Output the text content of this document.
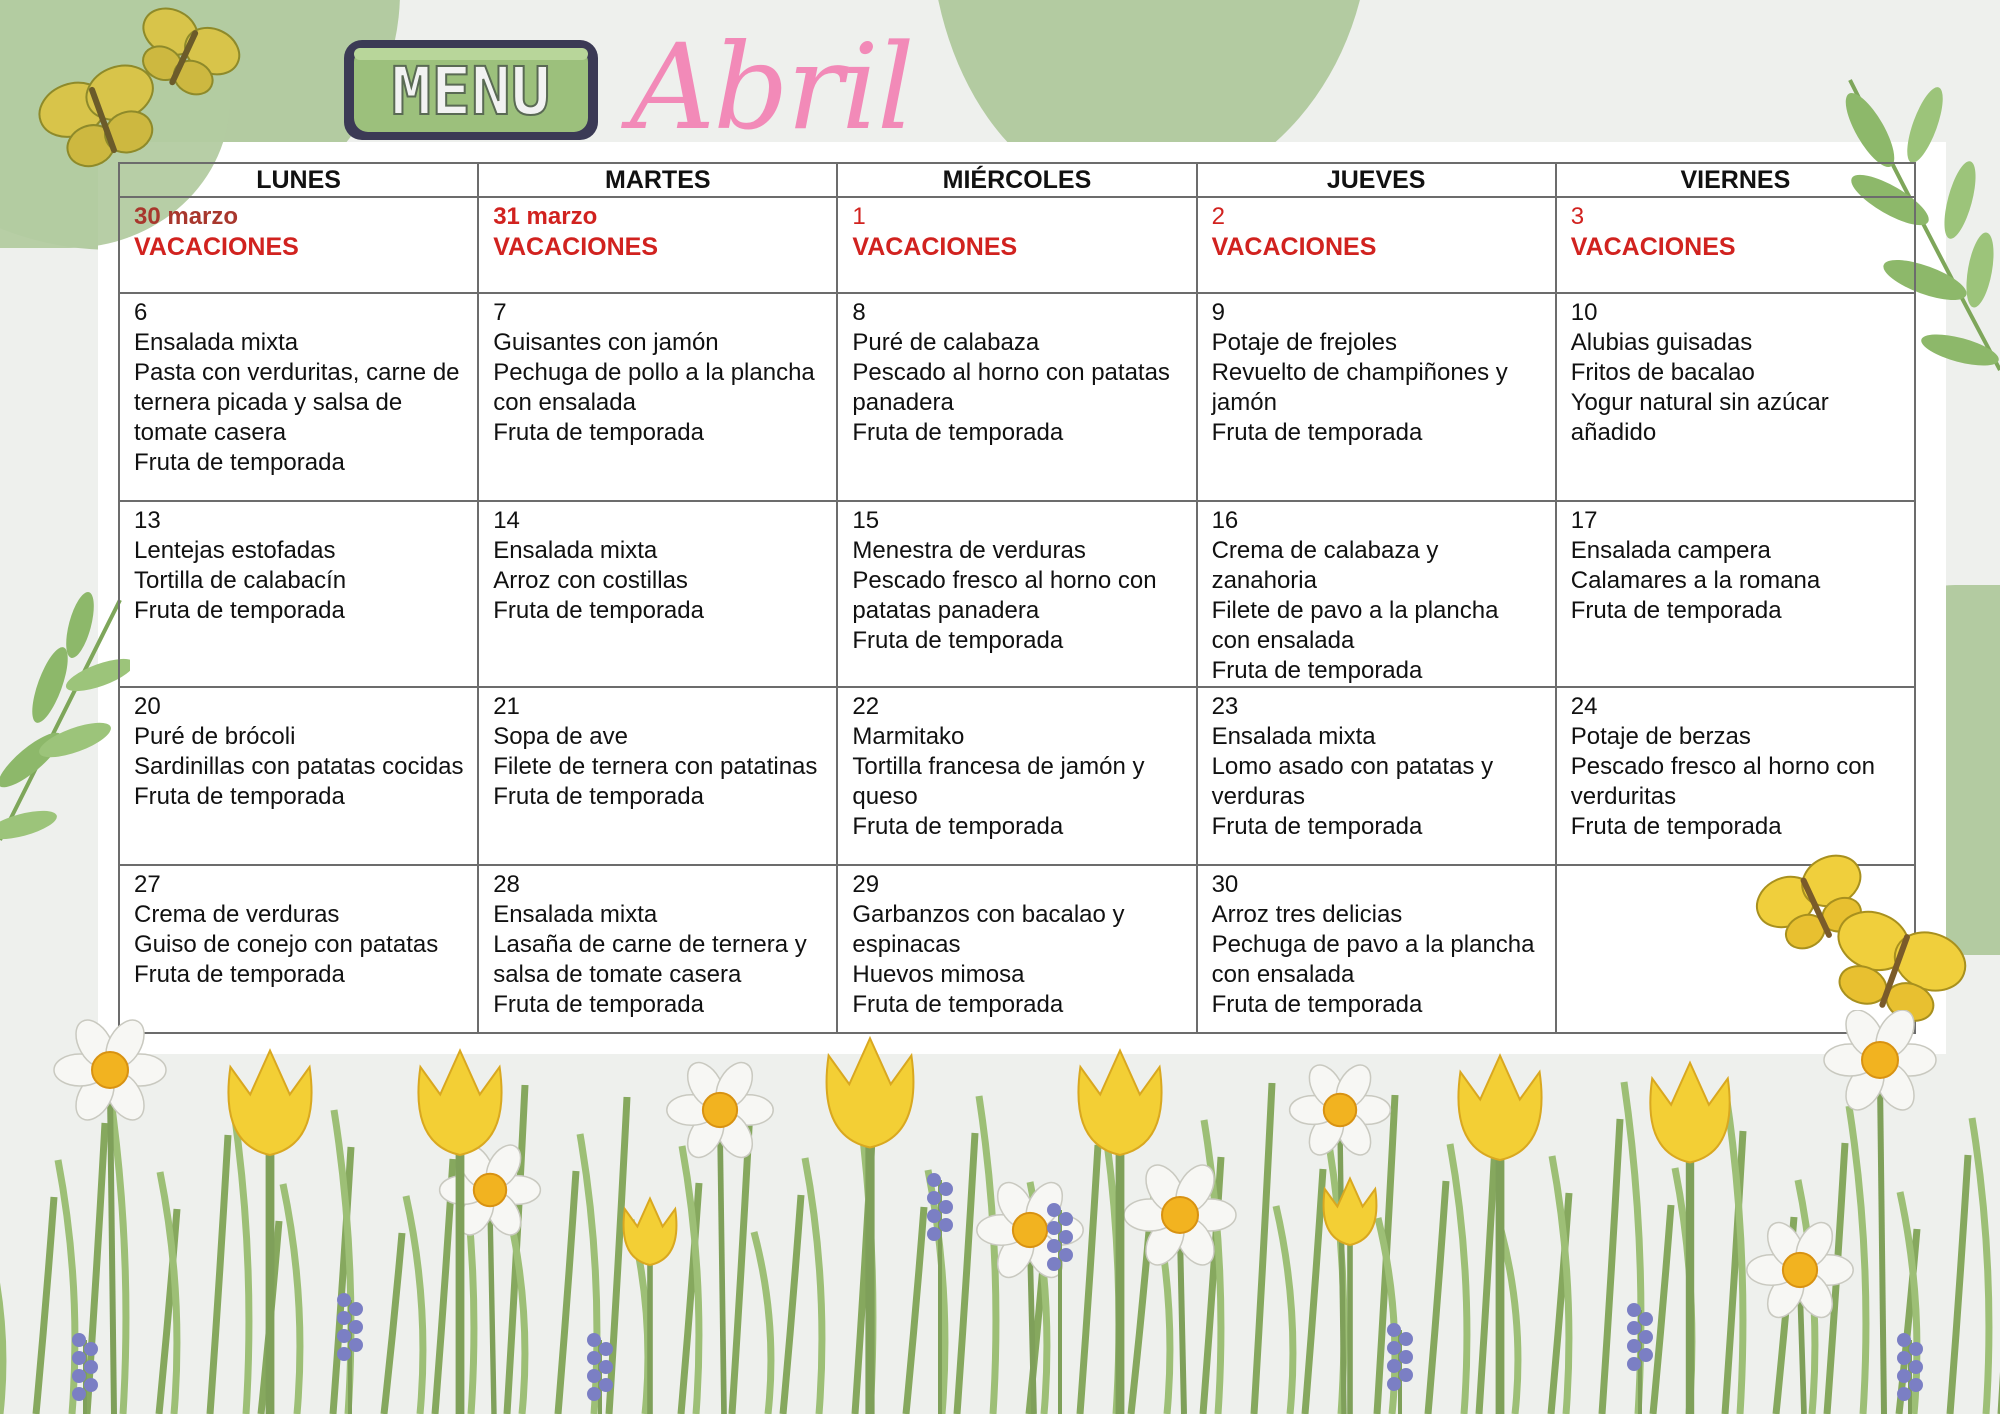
MENU Abril
LUNES	MARTES	MIÉRCOLES	JUEVES	VIERNES

30 marzo
VACACIONES	31 marzo
VACACIONES	1
VACACIONES	2
VACACIONES	3
VACACIONES

6
Ensalada mixta
Pasta con verduritas, carne de ternera picada y salsa de tomate casera
Fruta de temporada	7
Guisantes con jamón
Pechuga de pollo a la plancha con ensalada
Fruta de temporada	8
Puré de calabaza
Pescado al horno con patatas panadera
Fruta de temporada	9
Potaje de frejoles
Revuelto de champiñones y jamón
Fruta de temporada	10
Alubias guisadas
Fritos de bacalao
Yogur natural sin azúcar añadido

13
Lentejas estofadas
Tortilla de calabacín
Fruta de temporada	14
Ensalada mixta
Arroz con costillas
Fruta de temporada	15
Menestra de verduras
Pescado fresco al horno con patatas panadera
Fruta de temporada	16
Crema de calabaza y zanahoria
Filete de pavo a la plancha con ensalada
Fruta de temporada	17
Ensalada campera
Calamares a la romana
Fruta de temporada

20
Puré de brócoli
Sardinillas con patatas cocidas
Fruta de temporada	21
Sopa de ave
Filete de ternera con patatinas
Fruta de temporada	22
Marmitako
Tortilla francesa de jamón y queso
Fruta de temporada	23
Ensalada mixta
Lomo asado con patatas y verduras
Fruta de temporada	24
Potaje de berzas
Pescado fresco al horno con verduritas
Fruta de temporada

27
Crema de verduras
Guiso de conejo con patatas
Fruta de temporada	28
Ensalada mixta
Lasaña de carne de ternera y salsa de tomate casera
Fruta de temporada	29
Garbanzos con bacalao y espinacas
Huevos mimosa
Fruta de temporada	30
Arroz tres delicias
Pechuga de pavo a la plancha con ensalada
Fruta de temporada	
